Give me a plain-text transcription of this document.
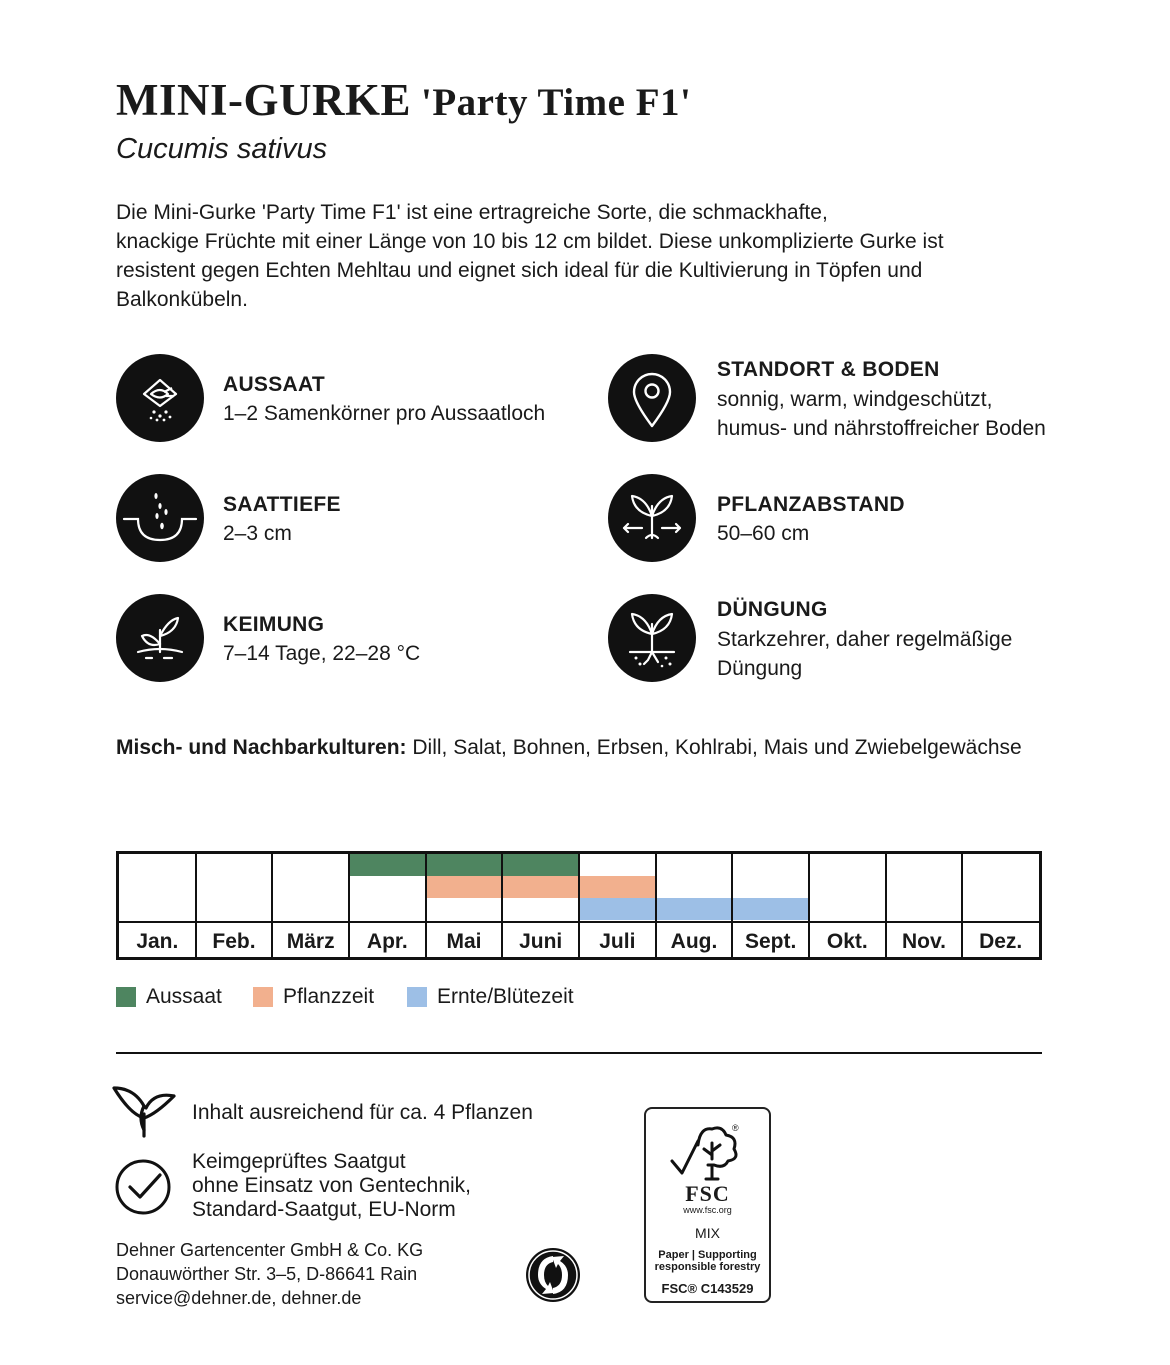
MINI-GURKE 'Party Time F1'
Cucumis sativus
Die Mini-Gurke 'Party Time F1' ist eine ertragreiche Sorte, die schmackhafte,
knackige Früchte mit einer Länge von 10 bis 12 cm bildet. Diese unkomplizierte Gurke ist
resistent gegen Echten Mehltau und eignet sich ideal für die Kultivierung in Töpfen und
Balkonkübeln.
AUSSAAT
1–2 Samenkörner pro Aussaatloch
SAATTIEFE
2–3 cm
KEIMUNG
7–14 Tage, 22–28 °C
STANDORT & BODEN
sonnig, warm, windgeschützt,
humus- und nährstoffreicher Boden
PFLANZABSTAND
50–60 cm
DÜNGUNG
Starkzehrer, daher regelmäßige
Düngung
Misch- und Nachbarkulturen: Dill, Salat, Bohnen, Erbsen, Kohlrabi, Mais und Zwiebelgewächse
Jan.	Feb.	März	Apr.	Mai	Juni	Juli	Aug.	Sept.	Okt.	Nov.	Dez.
Aussaat	Pflanzzeit	Ernte/Blütezeit
Inhalt ausreichend für ca. 4 Pflanzen
Keimgeprüftes Saatgut
ohne Einsatz von Gentechnik,
Standard-Saatgut, EU-Norm
Dehner Gartencenter GmbH & Co. KG
Donauwörther Str. 3–5, D-86641 Rain
service@dehner.de, dehner.de
®
FSC
www.fsc.org
MIX
Paper | Supporting
responsible forestry
FSC® C143529
